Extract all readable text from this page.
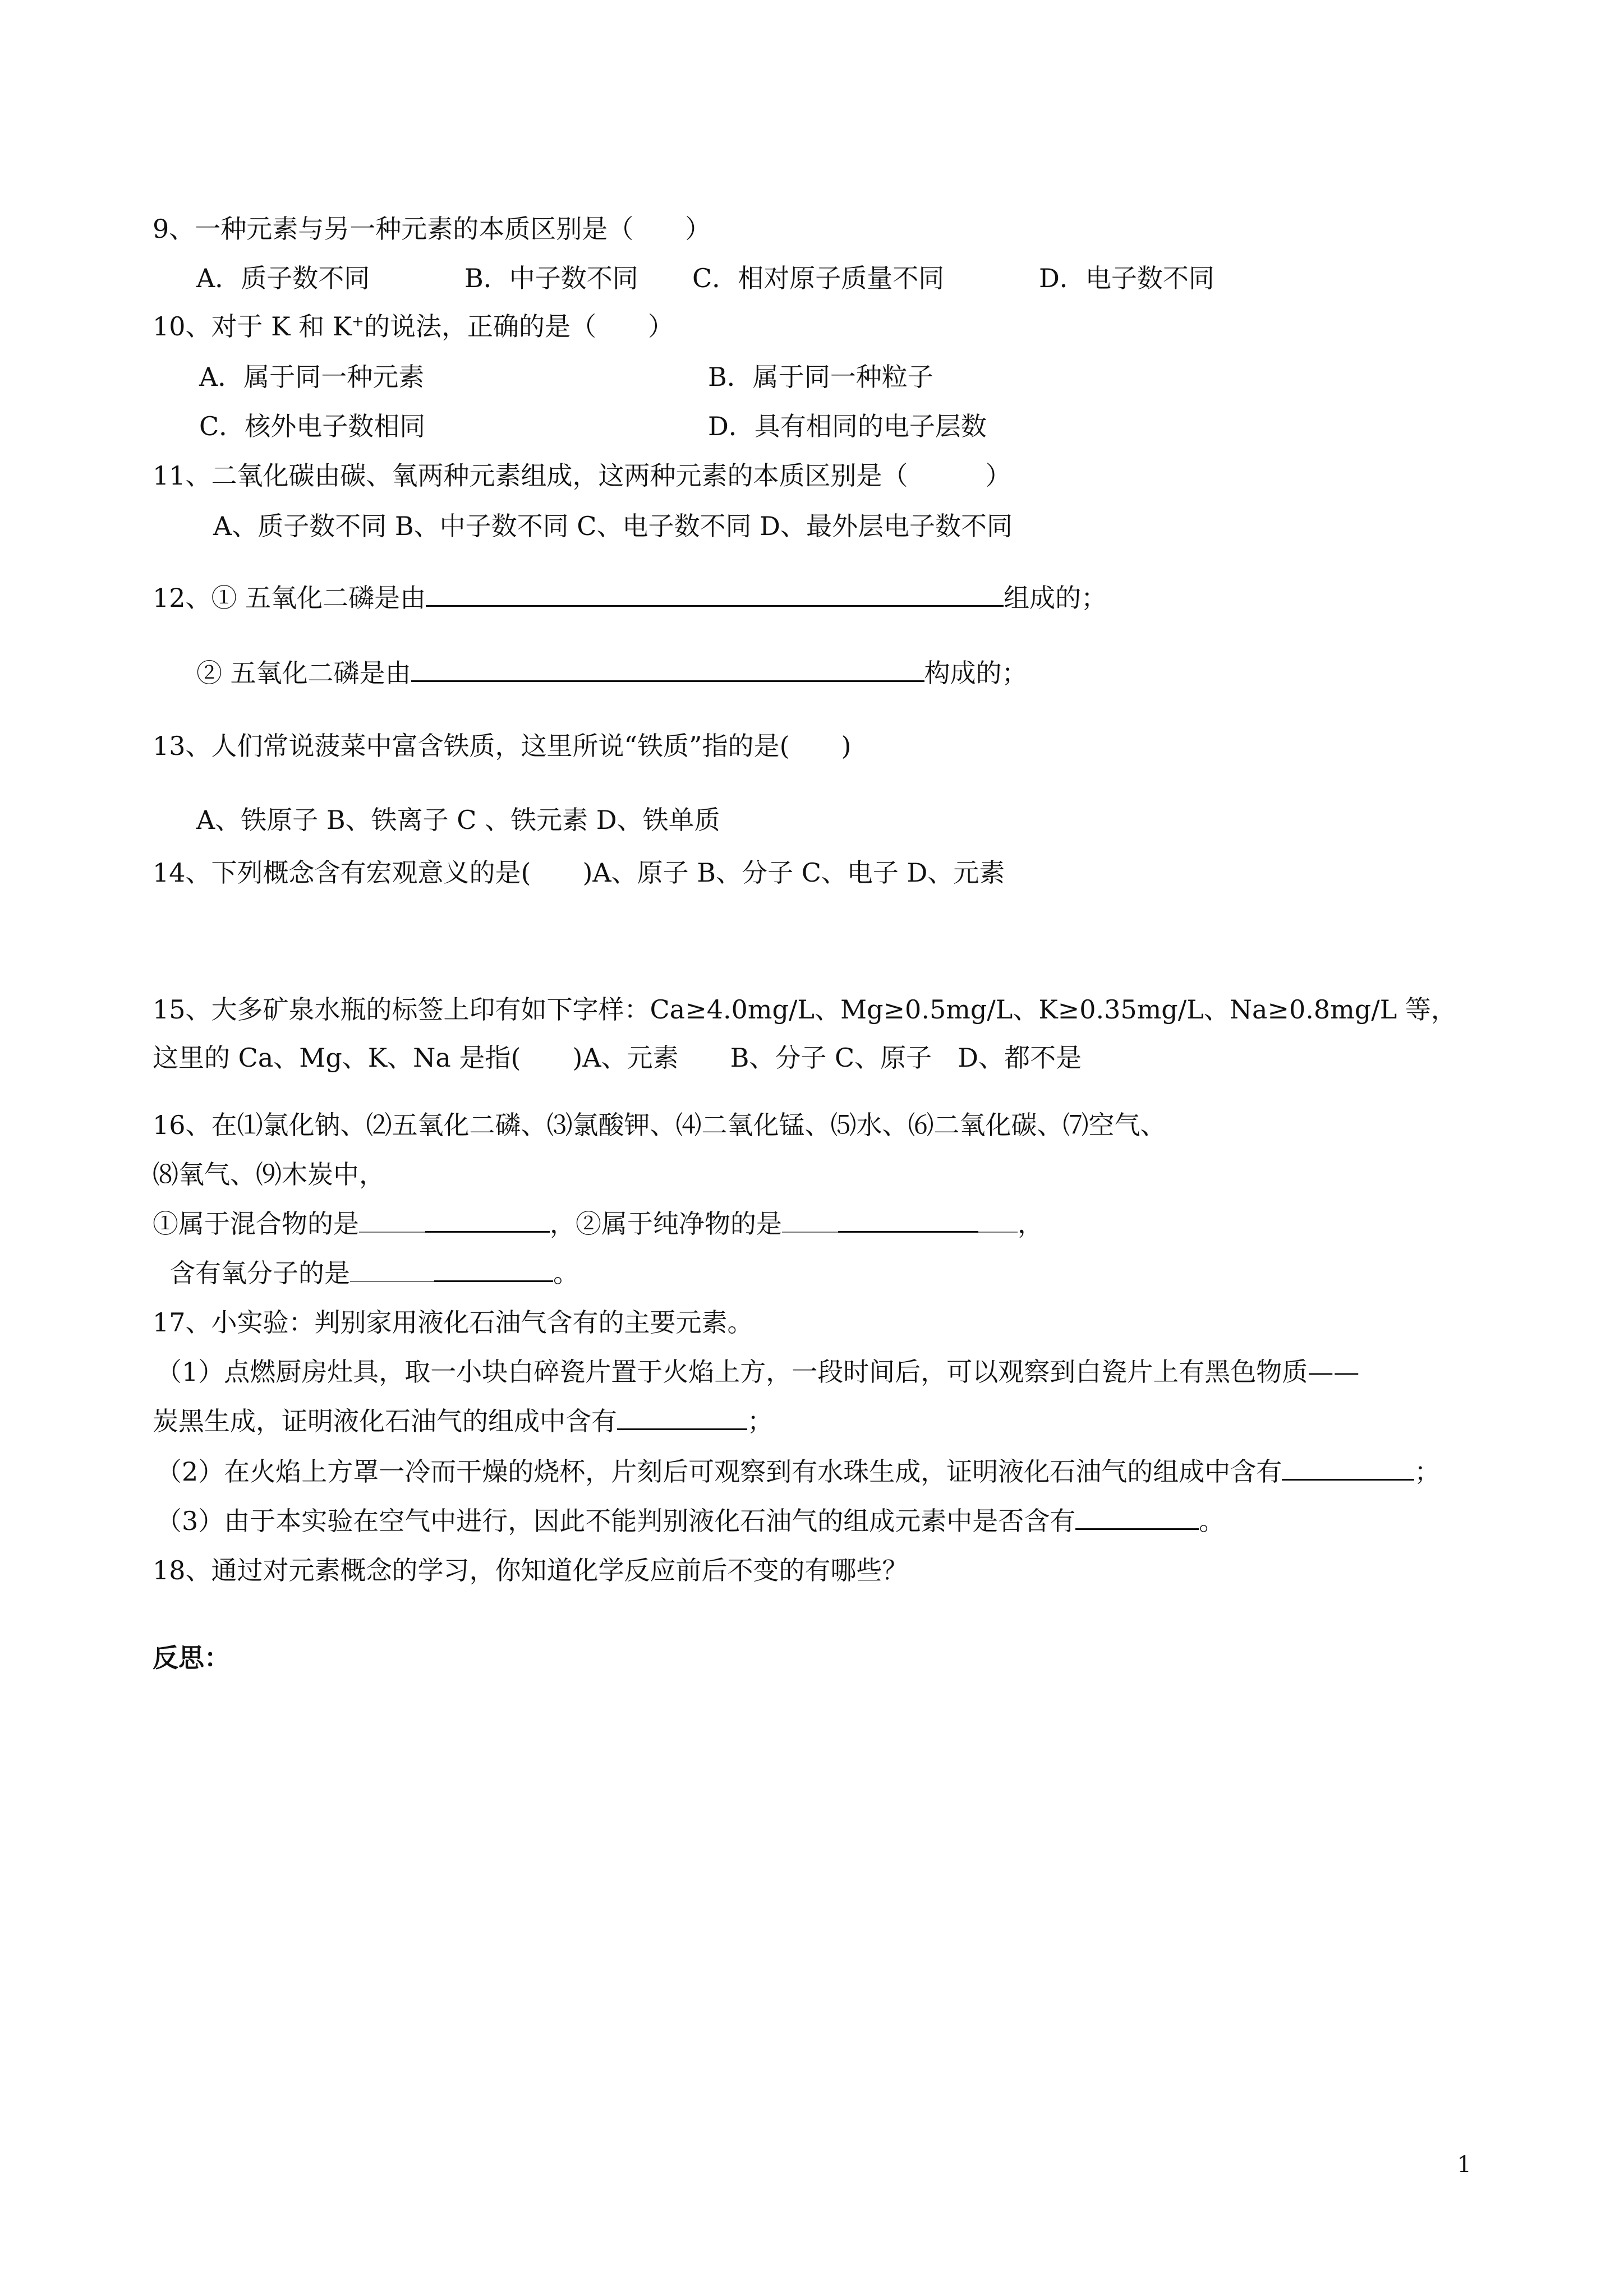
9、一种元素与另一种元素的本质区别是（　　）
A．质子数不同	B．中子数不同 C．相对原子质量不同	D．电子数不同
10、对于 K 和 K+的说法，正确的是（　　）
A．属于同一种元素	B．属于同一种粒子
C．核外电子数相同	D．具有相同的电子层数
11、二氧化碳由碳、氧两种元素组成，这两种元素的本质区别是（　　　）
A、质子数不同 B、中子数不同 C、电子数不同 D、最外层电子数不同
12、① 五氧化二磷是由	组成的；
② 五氧化二磷是由	构成的；
13、人们常说菠菜中富含铁质，这里所说“铁质”指的是(　　)
A、铁原子 B、铁离子 C 、铁元素 D、铁单质
14、下列概念含有宏观意义的是(　　)A、原子 B、分子 C、电子 D、元素
15、大多矿泉水瓶的标签上印有如下字样：Ca≥4.0mg/L、Mg≥0.5mg/L、K≥0.35mg/L、Na≥0.8mg/L 等，
这里的 Ca、Mg、K、Na 是指(　　)A、元素　　B、分子 C、原子　D、都不是
16、在⑴氯化钠、⑵五氧化二磷、⑶氯酸钾、⑷二氧化锰、⑸水、⑹二氧化碳、⑺空气、
⑻氧气、⑼木炭中，
①属于混合物的是	，②属于纯净物的是	，
含有氧分子的是	。
17、小实验：判别家用液化石油气含有的主要元素。
（1）点燃厨房灶具，取一小块白碎瓷片置于火焰上方，一段时间后，可以观察到白瓷片上有黑色物质——
炭黑生成，证明液化石油气的组成中含有	；
（2）在火焰上方罩一冷而干燥的烧杯，片刻后可观察到有水珠生成，证明液化石油气的组成中含有	；
（3）由于本实验在空气中进行，因此不能判别液化石油气的组成元素中是否含有	。
18、通过对元素概念的学习，你知道化学反应前后不变的有哪些？
反思：
1
